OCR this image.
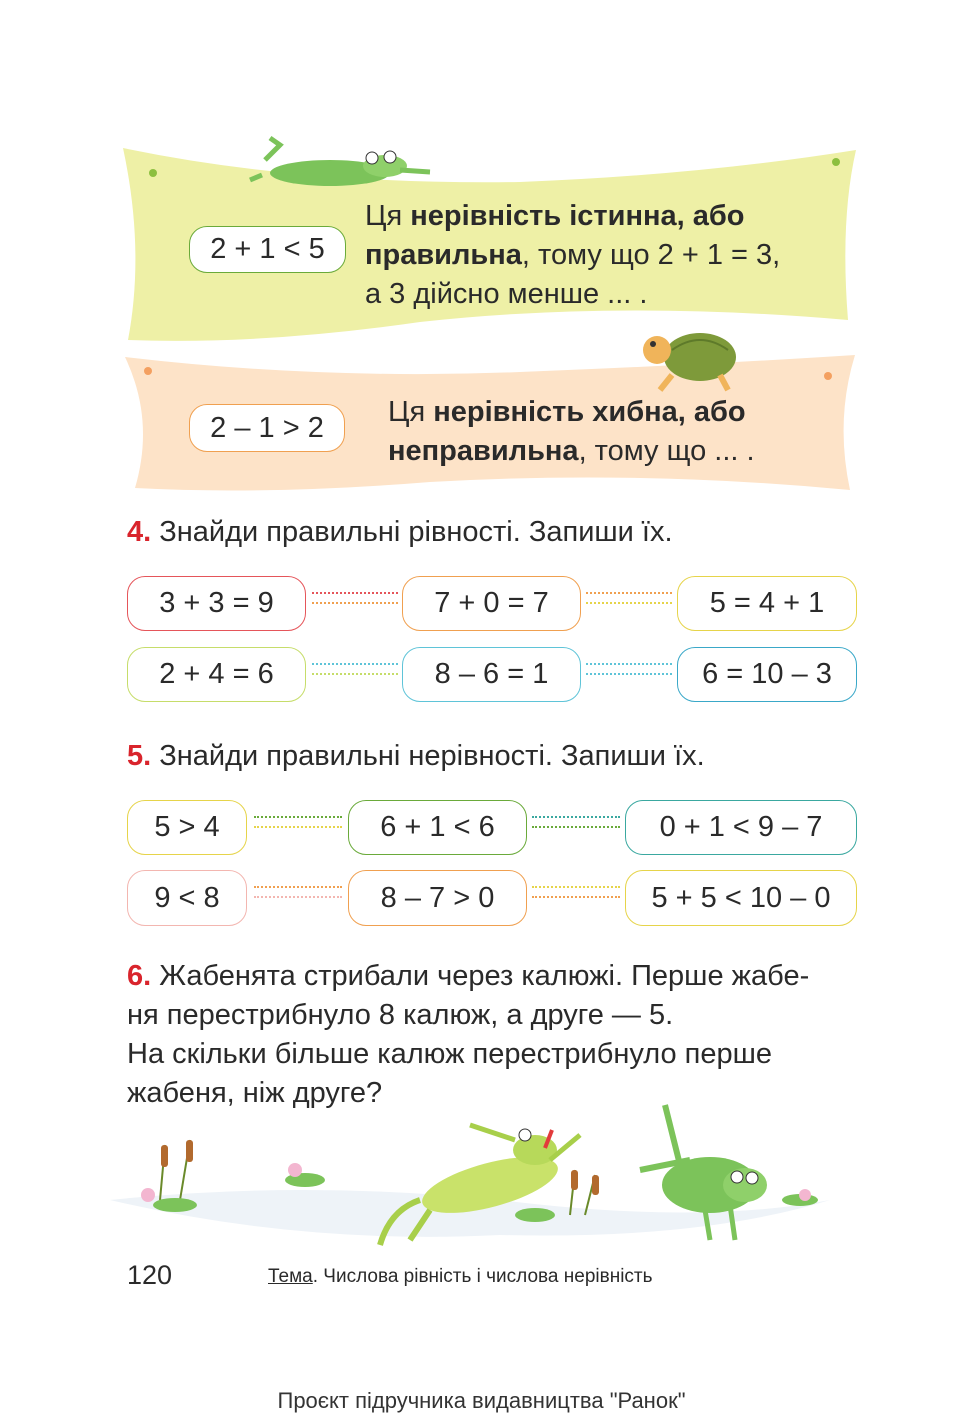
2 + 1 < 5
Ця нерівність істинна, або
правильна, тому що 2 + 1 = 3,
а 3 дійсно менше ... .
2 – 1 > 2	Ця нерівність хибна, або
неправильна, тому що ... .
4. Знайди правильні рівності. Запиши їх.
3 + 3 = 9	7 + 0 = 7	5 = 4 + 1
2 + 4 = 6	8 – 6 = 1	6 = 10 – 3
5. Знайди правильні нерівності. Запиши їх.
5 > 4	6 + 1 < 6	0 + 1 < 9 – 7
9 < 8	8 – 7 > 0	5 + 5 < 10 – 0
6. Жабенята стрибали через калюжі. Перше жабе-
ня перестрибнуло 8 калюж, а друге — 5.
На скільки більше калюж перестрибнуло перше
жабеня, ніж друге?
120	Тема. Числова рівність і числова нерівність
Проєкт підручника видавництва "Ранок"
